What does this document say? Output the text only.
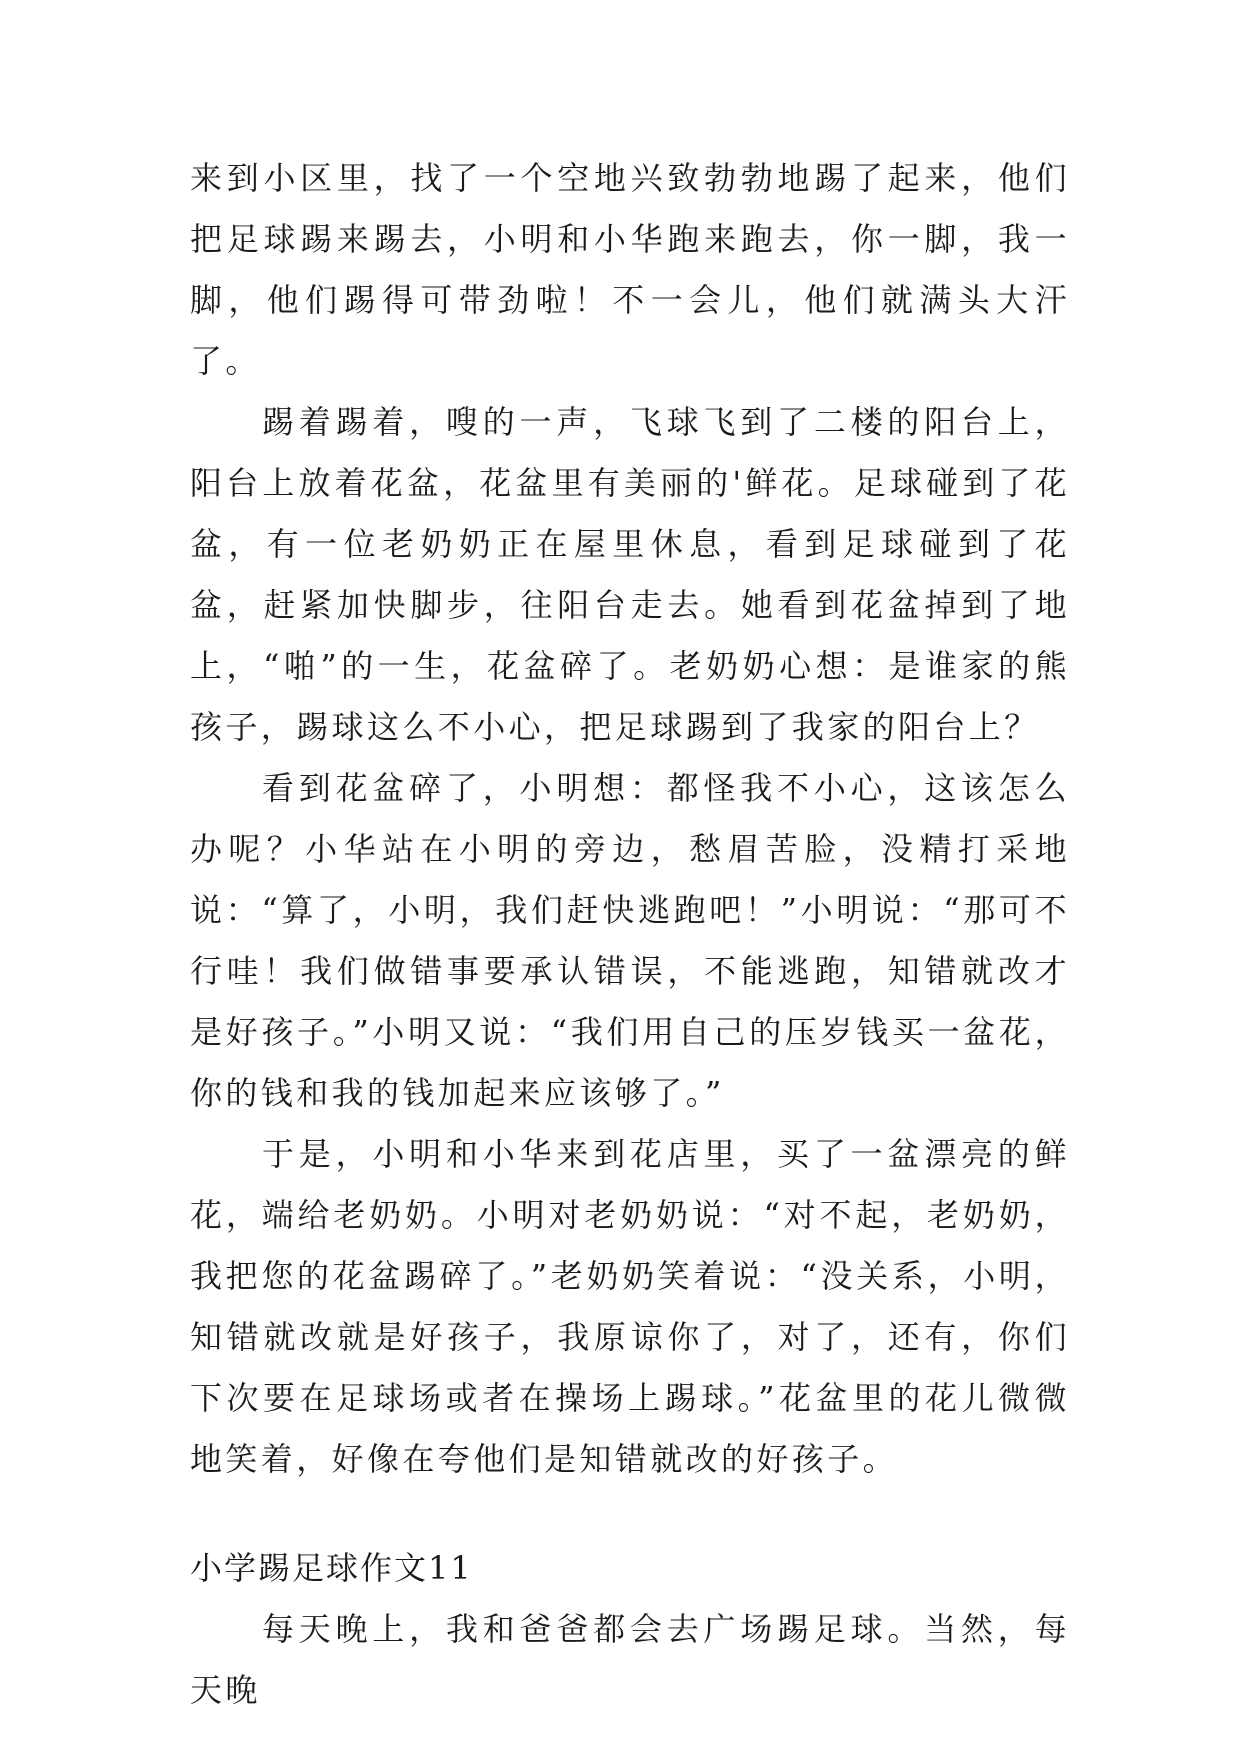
来到小区里，找了一个空地兴致勃勃地踢了起来，他们把足球踢来踢去，小明和小华跑来跑去，你一脚，我一脚，他们踢得可带劲啦！不一会儿，他们就满头大汗了。

踢着踢着，嗖的一声，飞球飞到了二楼的阳台上，阳台上放着花盆，花盆里有美丽的'鲜花。足球碰到了花盆，有一位老奶奶正在屋里休息，看到足球碰到了花盆，赶紧加快脚步，往阳台走去。她看到花盆掉到了地上，“啪”的一生，花盆碎了。老奶奶心想：是谁家的熊孩子，踢球这么不小心，把足球踢到了我家的阳台上？

看到花盆碎了，小明想：都怪我不小心，这该怎么办呢？小华站在小明的旁边，愁眉苦脸，没精打采地说：“算了，小明，我们赶快逃跑吧！”小明说：“那可不行哇！我们做错事要承认错误，不能逃跑，知错就改才是好孩子。”小明又说：“我们用自己的压岁钱买一盆花，你的钱和我的钱加起来应该够了。”

于是，小明和小华来到花店里，买了一盆漂亮的鲜花，端给老奶奶。小明对老奶奶说：“对不起，老奶奶，我把您的花盆踢碎了。”老奶奶笑着说：“没关系，小明，知错就改就是好孩子，我原谅你了，对了，还有，你们下次要在足球场或者在操场上踢球。”花盆里的花儿微微地笑着，好像在夸他们是知错就改的好孩子。

小学踢足球作文11

每天晚上，我和爸爸都会去广场踢足球。当然，每天晚
